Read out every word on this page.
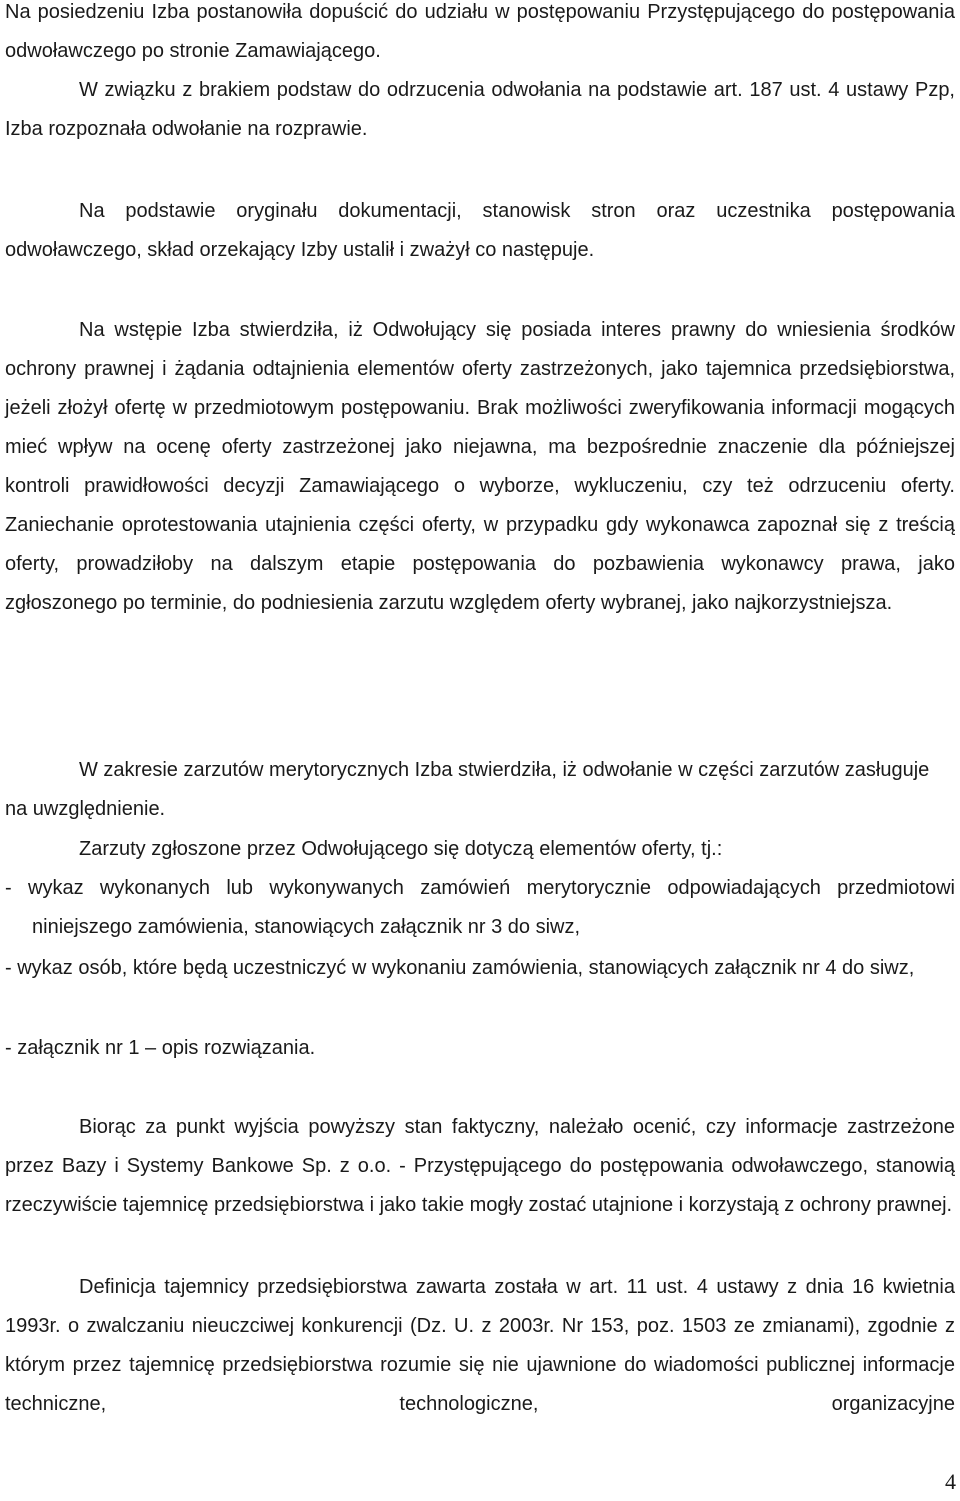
Na posiedzeniu Izba postanowiła dopuścić do udziału w postępowaniu Przystępującego do postępowania odwoławczego po stronie Zamawiającego.

W związku z brakiem podstaw do odrzucenia odwołania na podstawie art. 187 ust. 4 ustawy Pzp, Izba rozpoznała odwołanie na rozprawie.

Na podstawie oryginału dokumentacji, stanowisk stron oraz uczestnika postępowania odwoławczego, skład orzekający Izby ustalił i zważył co następuje.

Na wstępie Izba stwierdziła, iż Odwołujący się posiada interes prawny do wniesienia środków ochrony prawnej i żądania odtajnienia elementów oferty zastrzeżonych, jako tajemnica przedsiębiorstwa, jeżeli złożył ofertę w przedmiotowym postępowaniu. Brak możliwości zweryfikowania informacji mogących mieć wpływ na ocenę oferty zastrzeżonej jako niejawna, ma bezpośrednie znaczenie dla późniejszej kontroli prawidłowości decyzji Zamawiającego o wyborze, wykluczeniu, czy też odrzuceniu oferty. Zaniechanie oprotestowania utajnienia części oferty, w przypadku gdy wykonawca zapoznał się z treścią oferty, prowadziłoby na dalszym etapie postępowania do pozbawienia wykonawcy prawa, jako zgłoszonego po terminie, do podniesienia zarzutu względem oferty wybranej, jako najkorzystniejsza.

W zakresie zarzutów merytorycznych Izba stwierdziła, iż odwołanie w części zarzutów zasługuje na uwzględnienie.

Zarzuty zgłoszone przez Odwołującego się dotyczą elementów oferty, tj.:

- wykaz wykonanych lub wykonywanych zamówień merytorycznie odpowiadających przedmiotowi niniejszego zamówienia, stanowiących załącznik nr 3 do siwz,

- wykaz osób, które będą uczestniczyć w wykonaniu zamówienia, stanowiących załącznik nr 4 do siwz,

- załącznik nr 1 – opis rozwiązania.

Biorąc za punkt wyjścia powyższy stan faktyczny, należało ocenić, czy informacje zastrzeżone przez Bazy i Systemy Bankowe Sp. z o.o. - Przystępującego do postępowania odwoławczego, stanowią rzeczywiście tajemnicę przedsiębiorstwa i jako takie mogły zostać utajnione i korzystają z ochrony prawnej.

Definicja tajemnicy przedsiębiorstwa zawarta została w art. 11 ust. 4 ustawy z dnia 16 kwietnia 1993r. o zwalczaniu nieuczciwej konkurencji (Dz. U. z 2003r. Nr 153, poz. 1503 ze zmianami), zgodnie z którym przez tajemnicę przedsiębiorstwa rozumie się nie ujawnione do wiadomości publicznej informacje techniczne, technologiczne, organizacyjne

4
